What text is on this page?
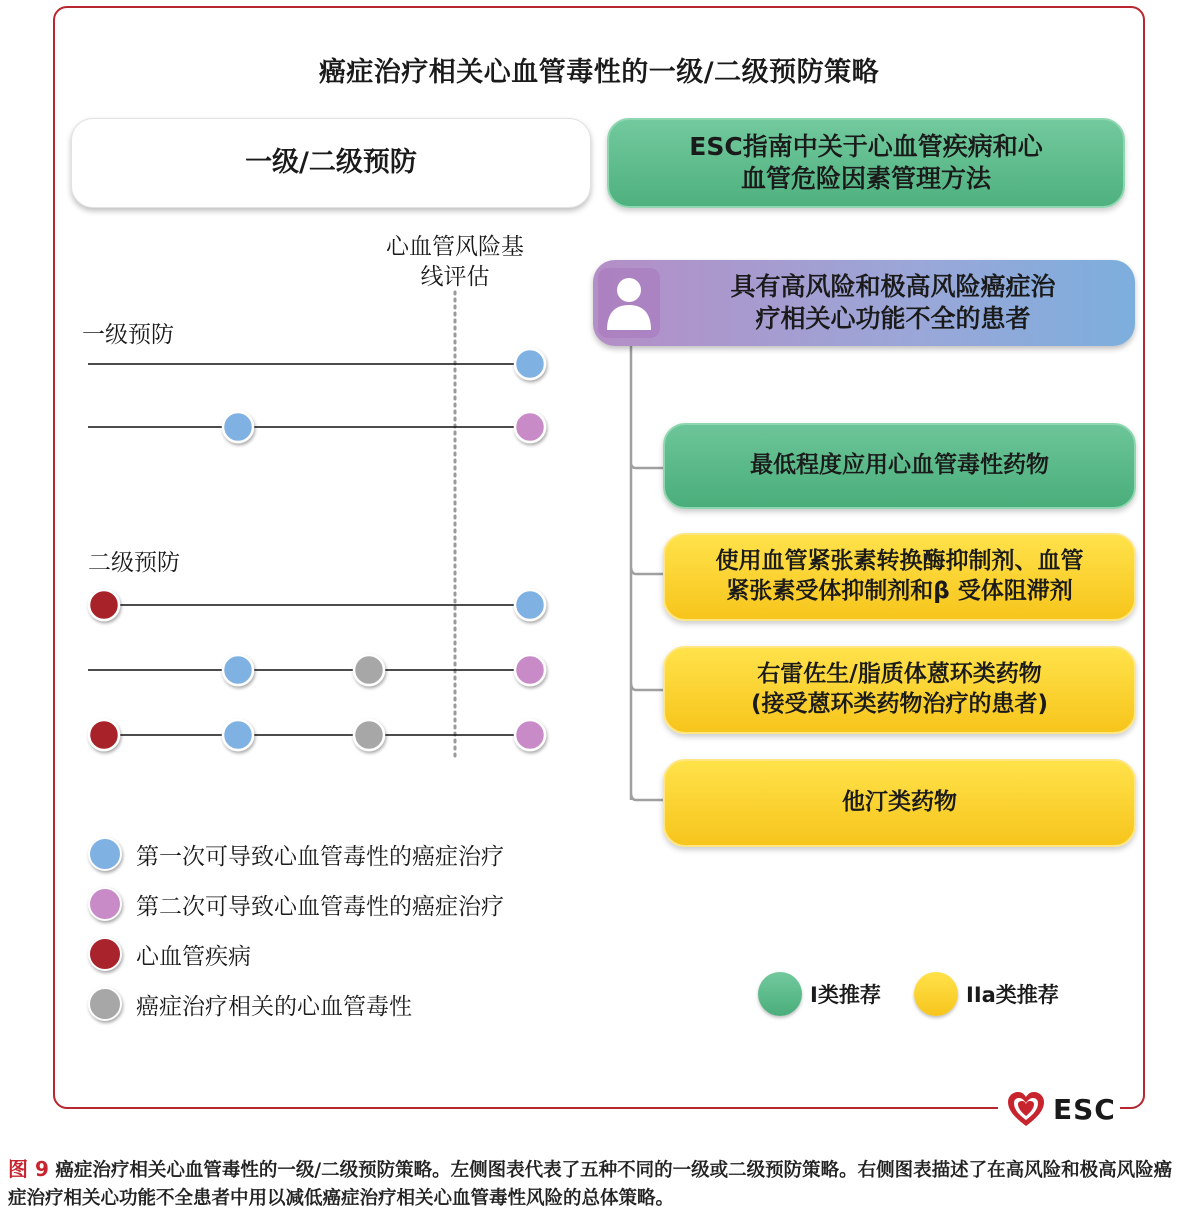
癌症治疗相关心血管毒性的一级/二级预防策略
一级/二级预防
ESC指南中关于心血管疾病和心
血管危险因素管理方法
心血管风险基
线评估
一级预防
二级预防
具有高风险和极高风险癌症治
疗相关心功能不全的患者
最低程度应用心血管毒性药物
使用血管紧张素转换酶抑制剂、血管
紧张素受体抑制剂和β 受体阻滞剂
右雷佐生/脂质体蒽环类药物
(接受蒽环类药物治疗的患者)
他汀类药物
第一次可导致心血管毒性的癌症治疗
第二次可导致心血管毒性的癌症治疗
心血管疾病
癌症治疗相关的心血管毒性	I类推荐	IIa类推荐
ESC
图 9 癌症治疗相关心血管毒性的一级/二级预防策略。左侧图表代表了五种不同的一级或二级预防策略。右侧图表描述了在高风险和极高风险癌症治疗相关心功能不全患者中用以减低癌症治疗相关心血管毒性风险的总体策略。
